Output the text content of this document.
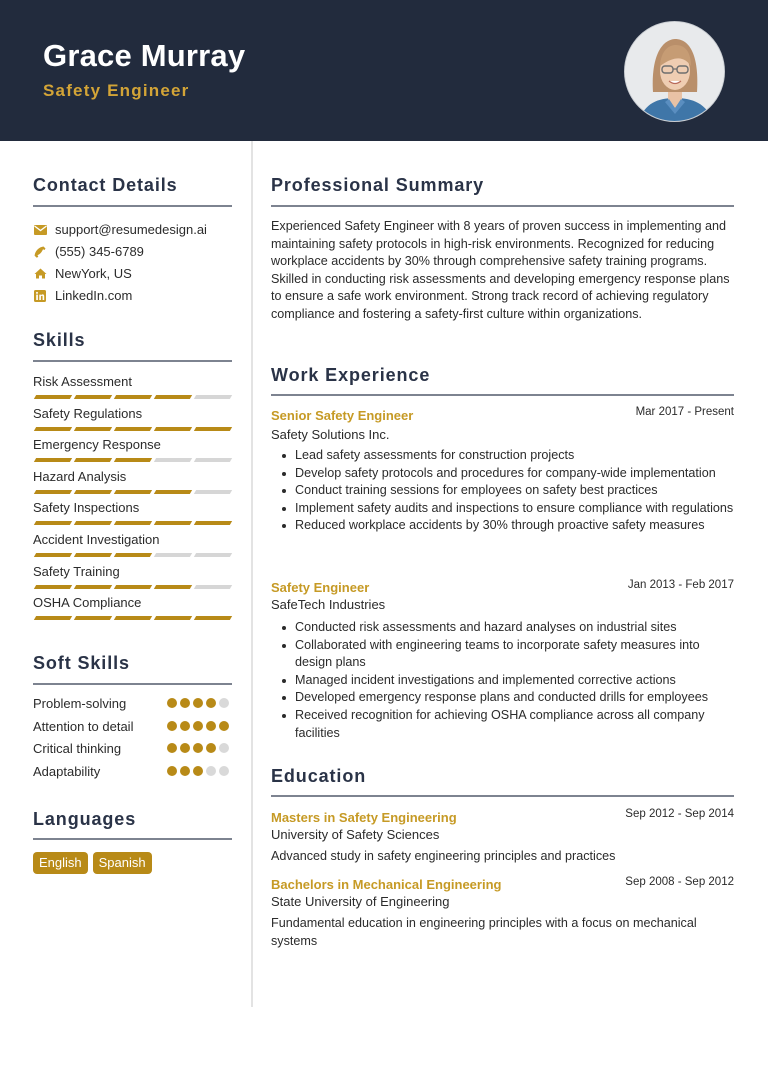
Grace Murray
Safety Engineer
Contact Details
support@resumedesign.ai
(555) 345-6789
NewYork, US
LinkedIn.com
Skills
Risk Assessment
Safety Regulations
Emergency Response
Hazard Analysis
Safety Inspections
Accident Investigation
Safety Training
OSHA Compliance
Soft Skills
Problem-solving
Attention to detail
Critical thinking
Adaptability
Languages
English	Spanish
Professional Summary

Experienced Safety Engineer with 8 years of proven success in implementing and maintaining safety protocols in high-risk environments. Recognized for reducing workplace accidents by 30% through comprehensive safety training programs. Skilled in conducting risk assessments and developing emergency response plans to ensure a safe work environment. Strong track record of achieving regulatory compliance and fostering a safety-first culture within organizations.

Work Experience
Senior Safety Engineer	Mar 2017 - Present
Safety Solutions Inc.
Lead safety assessments for construction projects
Develop safety protocols and procedures for company-wide implementation
Conduct training sessions for employees on safety best practices
Implement safety audits and inspections to ensure compliance with regulations
Reduced workplace accidents by 30% through proactive safety measures
Safety Engineer	Jan 2013 - Feb 2017
SafeTech Industries
Conducted risk assessments and hazard analyses on industrial sites
Collaborated with engineering teams to incorporate safety measures into design plans
Managed incident investigations and implemented corrective actions
Developed emergency response plans and conducted drills for employees
Received recognition for achieving OSHA compliance across all company facilities
Education
Masters in Safety Engineering	Sep 2012 - Sep 2014
University of Safety Sciences

Advanced study in safety engineering principles and practices

Bachelors in Mechanical Engineering	Sep 2008 - Sep 2012
State University of Engineering

Fundamental education in engineering principles with a focus on mechanical systems
